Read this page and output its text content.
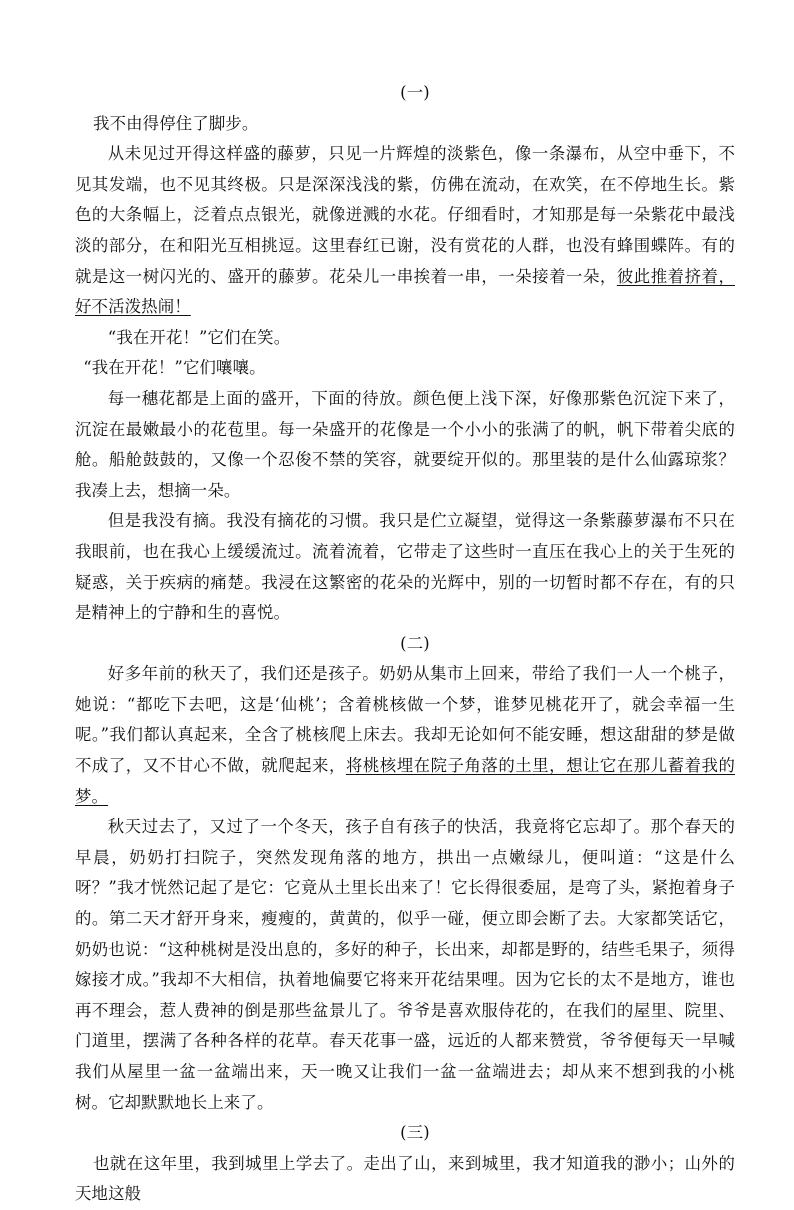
(一)

我不由得停住了脚步。

从未见过开得这样盛的藤萝，只见一片辉煌的淡紫色，像一条瀑布，从空中垂下，不见其发端，也不见其终极。只是深深浅浅的紫，仿佛在流动，在欢笑，在不停地生长。紫色的大条幅上，泛着点点银光，就像迸溅的水花。仔细看时，才知那是每一朵紫花中最浅淡的部分，在和阳光互相挑逗。这里春红已谢，没有赏花的人群，也没有蜂围蝶阵。有的就是这一树闪光的、盛开的藤萝。花朵儿一串挨着一串，一朵接着一朵，彼此推着挤着，好不活泼热闹！

“我在开花！”它们在笑。

“我在开花！”它们嚷嚷。

每一穗花都是上面的盛开，下面的待放。颜色便上浅下深，好像那紫色沉淀下来了，沉淀在最嫩最小的花苞里。每一朵盛开的花像是一个小小的张满了的帆，帆下带着尖底的舱。船舱鼓鼓的，又像一个忍俊不禁的笑容，就要绽开似的。那里装的是什么仙露琼浆？我凑上去，想摘一朵。

但是我没有摘。我没有摘花的习惯。我只是伫立凝望，觉得这一条紫藤萝瀑布不只在我眼前，也在我心上缓缓流过。流着流着，它带走了这些时一直压在我心上的关于生死的疑惑，关于疾病的痛楚。我浸在这繁密的花朵的光辉中，别的一切暂时都不存在，有的只是精神上的宁静和生的喜悦。

(二)

好多年前的秋天了，我们还是孩子。奶奶从集市上回来，带给了我们一人一个桃子，她说：“都吃下去吧，这是‘仙桃’；含着桃核做一个梦，谁梦见桃花开了，就会幸福一生呢。”我们都认真起来，全含了桃核爬上床去。我却无论如何不能安睡，想这甜甜的梦是做不成了，又不甘心不做，就爬起来，将桃核埋在院子角落的土里，想让它在那儿蓄着我的梦。

秋天过去了，又过了一个冬天，孩子自有孩子的快活，我竟将它忘却了。那个春天的早晨，奶奶打扫院子，突然发现角落的地方，拱出一点嫩绿儿，便叫道：“这是什么呀？”我才恍然记起了是它：它竟从土里长出来了！它长得很委屈，是弯了头，紧抱着身子的。第二天才舒开身来，瘦瘦的，黄黄的，似乎一碰，便立即会断了去。大家都笑话它，奶奶也说：“这种桃树是没出息的，多好的种子，长出来，却都是野的，结些毛果子，须得嫁接才成。”我却不大相信，执着地偏要它将来开花结果哩。因为它长的太不是地方，谁也再不理会，惹人费神的倒是那些盆景儿了。爷爷是喜欢服侍花的，在我们的屋里、院里、门道里，摆满了各种各样的花草。春天花事一盛，远近的人都来赞赏，爷爷便每天一早喊我们从屋里一盆一盆端出来，天一晚又让我们一盆一盆端进去；却从来不想到我的小桃树。它却默默地长上来了。

(三)

也就在这年里，我到城里上学去了。走出了山，来到城里，我才知道我的渺小；山外的天地这般
